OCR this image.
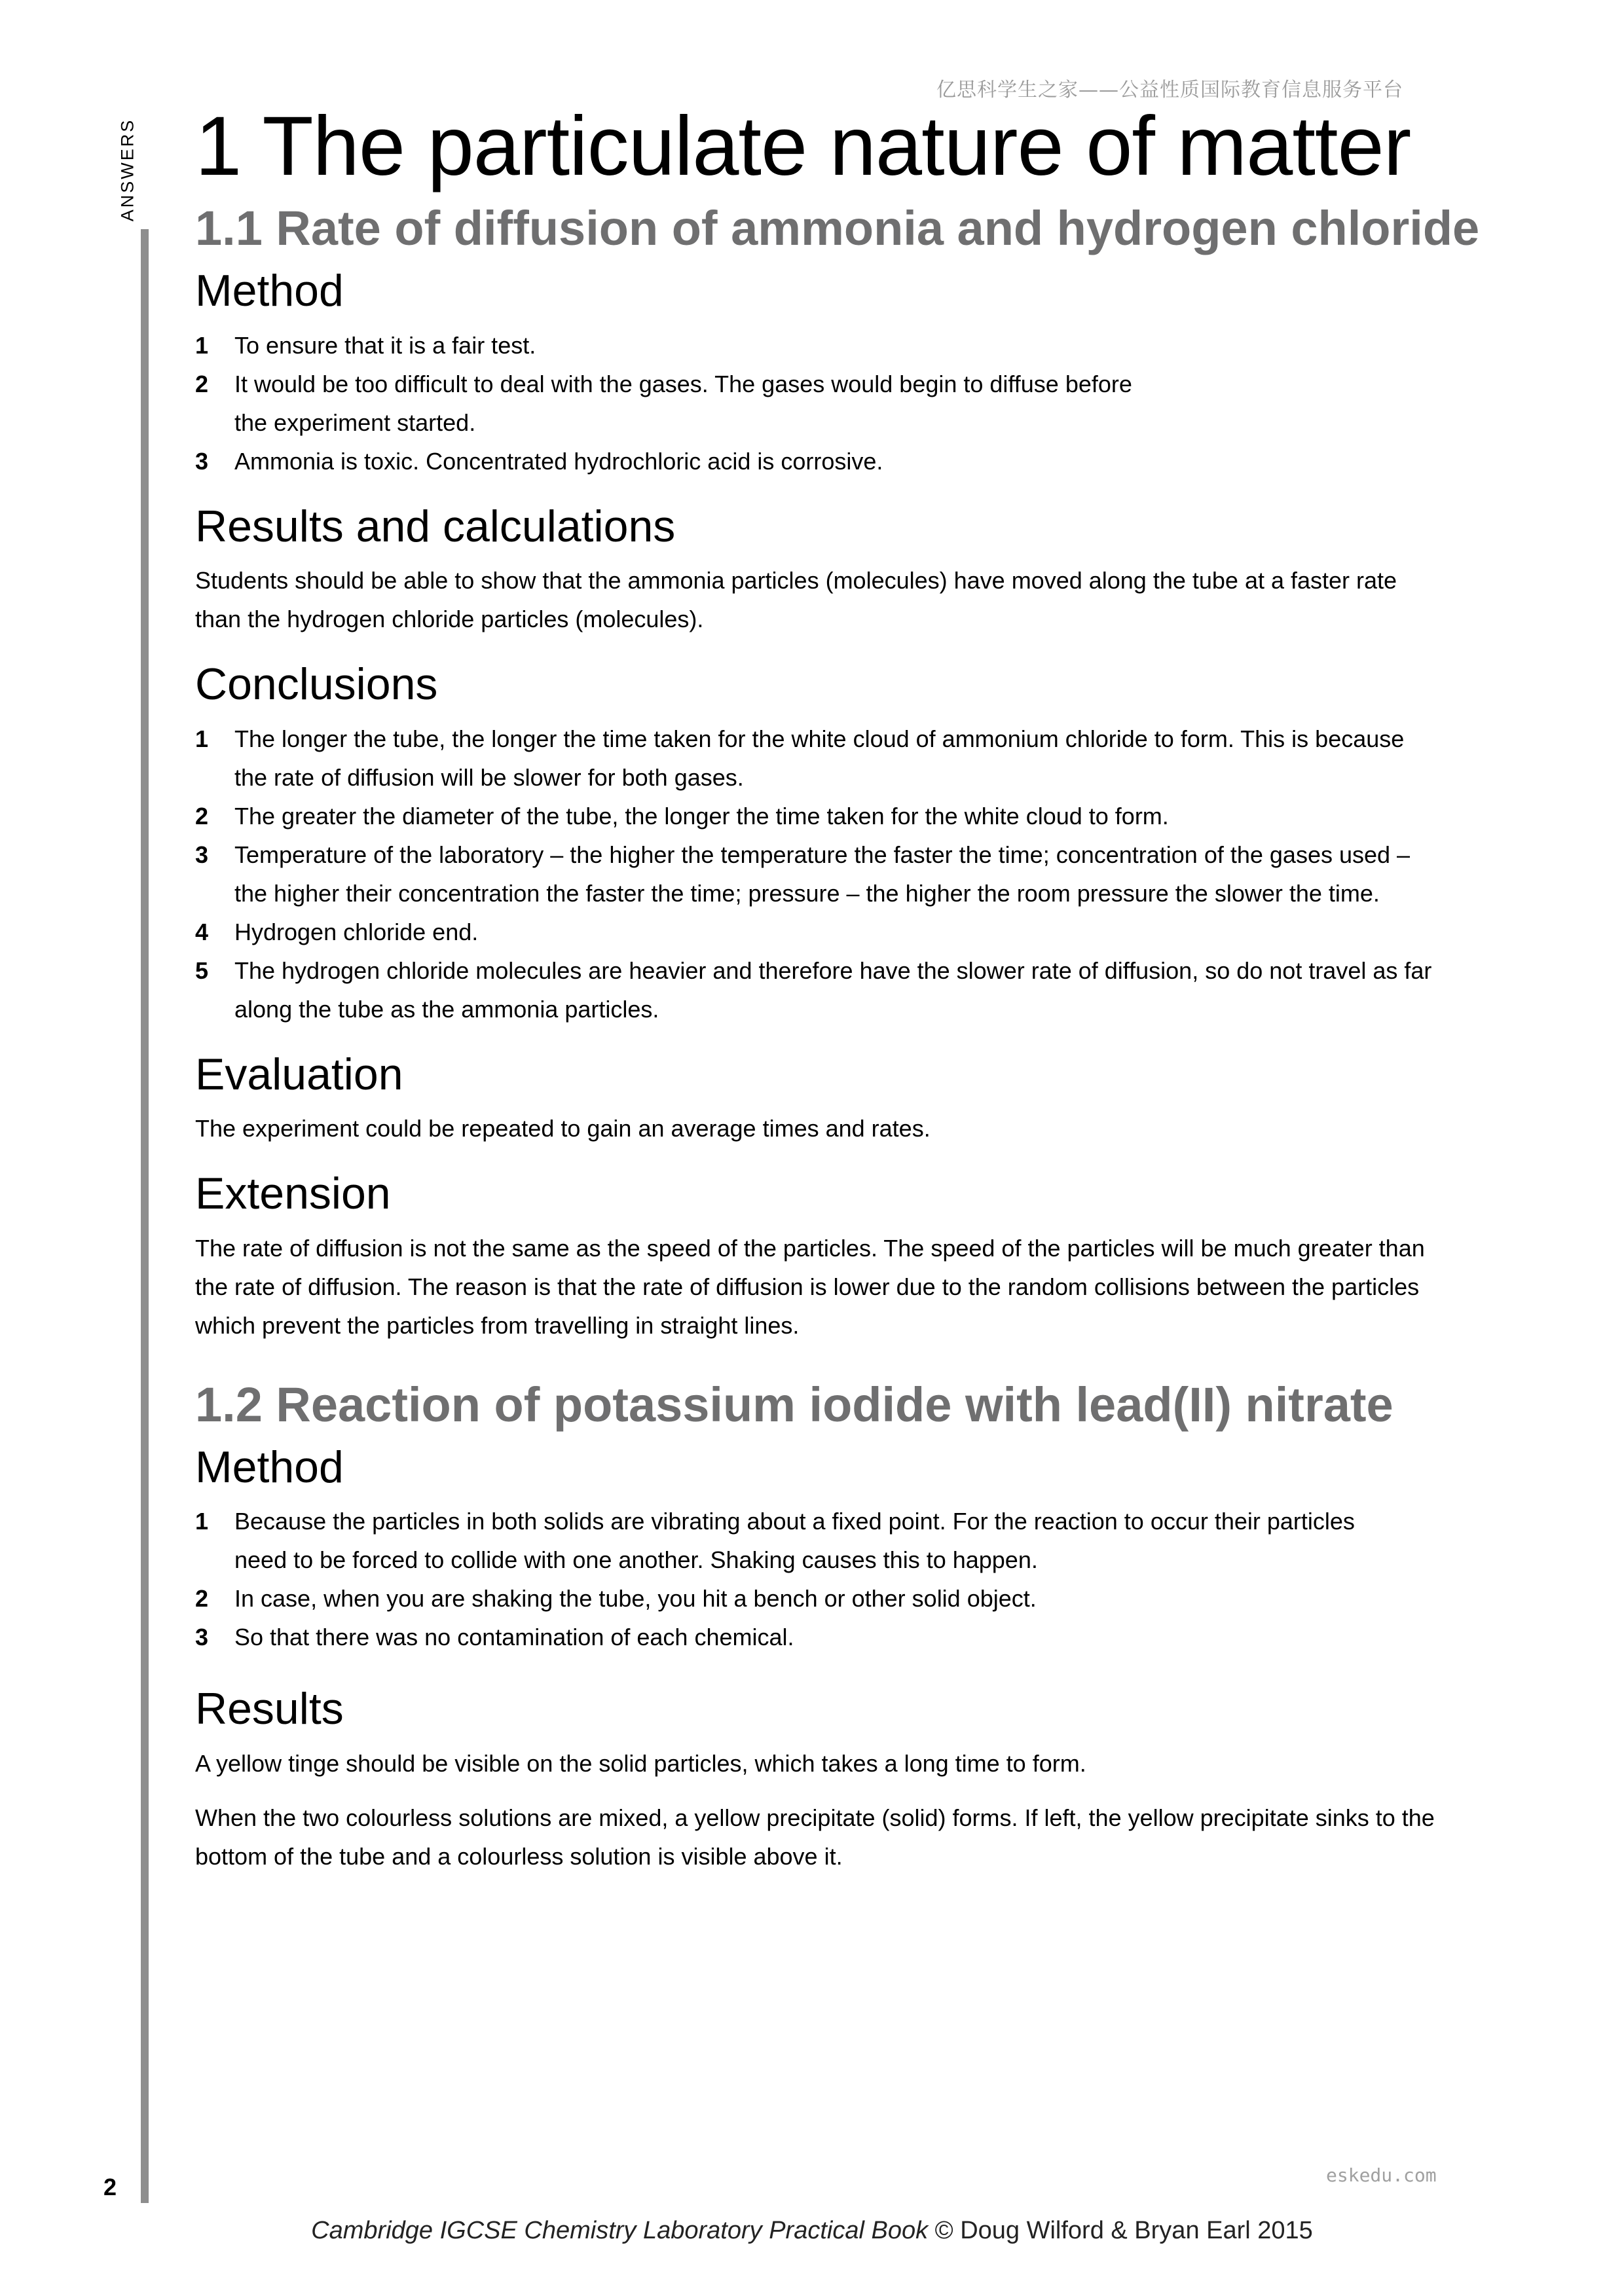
亿思科学生之家——公益性质国际教育信息服务平台
ANSWERS 1 The particulate nature of matter
1.1 Rate of diffusion of ammonia and hydrogen chloride
Method
1 To ensure that it is a fair test.
2 It would be too difficult to deal with the gases. The gases would begin to diffuse before
the experiment started.
3 Ammonia is toxic. Concentrated hydrochloric acid is corrosive.
Results and calculations

Students should be able to show that the ammonia particles (molecules) have moved along the tube at a faster rate
than the hydrogen chloride particles (molecules).

Conclusions
1 The longer the tube, the longer the time taken for the white cloud of ammonium chloride to form. This is because
the rate of diffusion will be slower for both gases.
2 The greater the diameter of the tube, the longer the time taken for the white cloud to form.
3 Temperature of the laboratory – the higher the temperature the faster the time; concentration of the gases used –
the higher their concentration the faster the time; pressure – the higher the room pressure the slower the time.
4 Hydrogen chloride end.
5 The hydrogen chloride molecules are heavier and therefore have the slower rate of diffusion, so do not travel as far
along the tube as the ammonia particles.
Evaluation

The experiment could be repeated to gain an average times and rates.

Extension

The rate of diffusion is not the same as the speed of the particles. The speed of the particles will be much greater than
the rate of diffusion. The reason is that the rate of diffusion is lower due to the random collisions between the particles
which prevent the particles from travelling in straight lines.

1.2 Reaction of potassium iodide with lead(II) nitrate
Method
1 Because the particles in both solids are vibrating about a fixed point. For the reaction to occur their particles
need to be forced to collide with one another. Shaking causes this to happen.
2 In case, when you are shaking the tube, you hit a bench or other solid object.
3 So that there was no contamination of each chemical.
Results

A yellow tinge should be visible on the solid particles, which takes a long time to form.

When the two colourless solutions are mixed, a yellow precipitate (solid) forms. If left, the yellow precipitate sinks to the
bottom of the tube and a colourless solution is visible above it.

eskedu.com
2
Cambridge IGCSE Chemistry Laboratory Practical Book © Doug Wilford & Bryan Earl 2015
